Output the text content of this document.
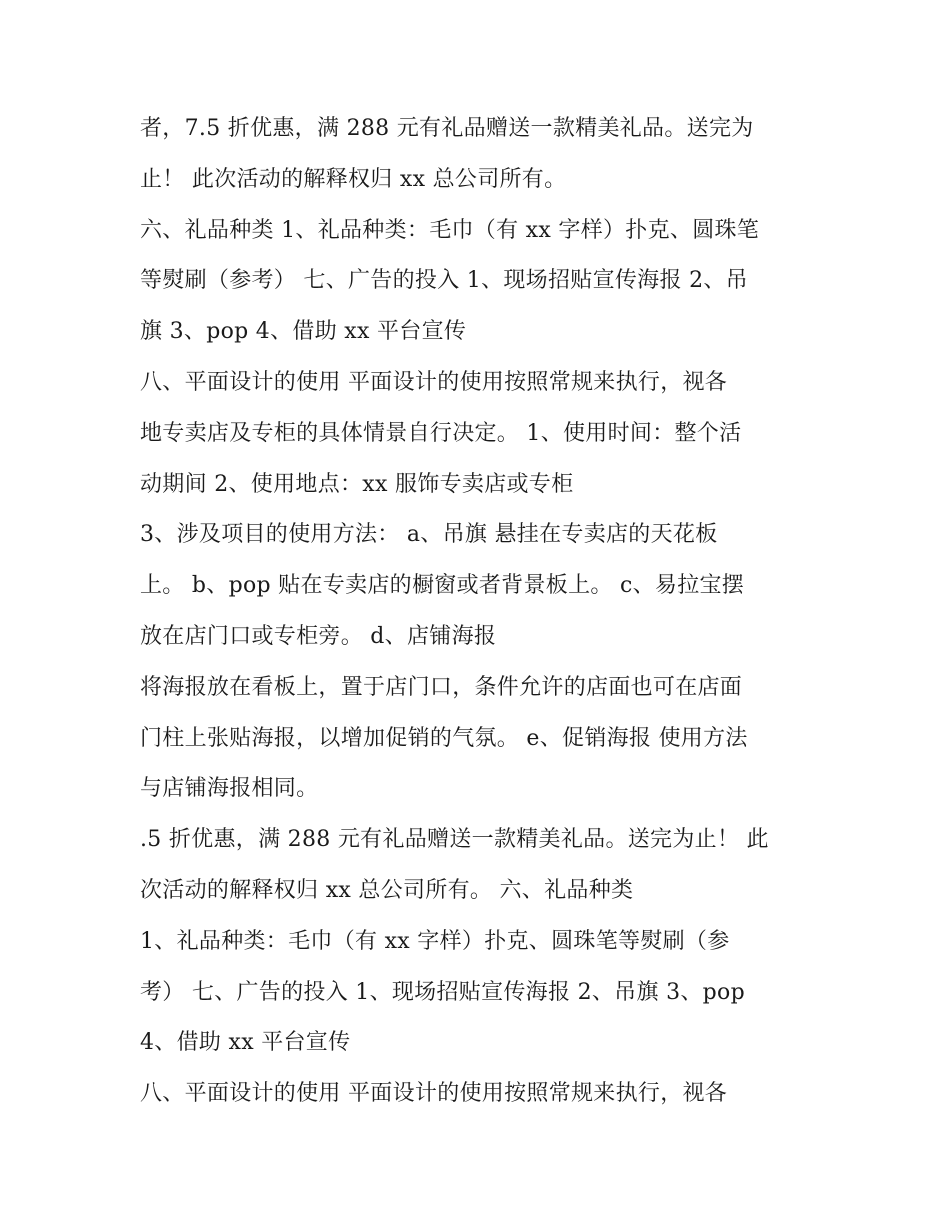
者，7.5 折优惠，满 288 元有礼品赠送一款精美礼品。送完为
止！ 此次活动的解释权归 xx 总公司所有。
六、礼品种类 1、礼品种类：毛巾（有 xx 字样）扑克、圆珠笔
等熨刷（参考） 七、广告的投入 1、现场招贴宣传海报 2、吊
旗 3、pop 4、借助 xx 平台宣传
八、平面设计的使用 平面设计的使用按照常规来执行，视各
地专卖店及专柜的具体情景自行决定。 1、使用时间：整个活
动期间 2、使用地点：xx 服饰专卖店或专柜
3、涉及项目的使用方法： a、吊旗 悬挂在专卖店的天花板
上。 b、pop 贴在专卖店的橱窗或者背景板上。 c、易拉宝摆
放在店门口或专柜旁。 d、店铺海报
将海报放在看板上，置于店门口，条件允许的店面也可在店面
门柱上张贴海报，以增加促销的气氛。 e、促销海报 使用方法
与店铺海报相同。
.5 折优惠，满 288 元有礼品赠送一款精美礼品。送完为止！ 此
次活动的解释权归 xx 总公司所有。 六、礼品种类
1、礼品种类：毛巾（有 xx 字样）扑克、圆珠笔等熨刷（参
考） 七、广告的投入 1、现场招贴宣传海报 2、吊旗 3、pop
4、借助 xx 平台宣传
八、平面设计的使用 平面设计的使用按照常规来执行，视各
